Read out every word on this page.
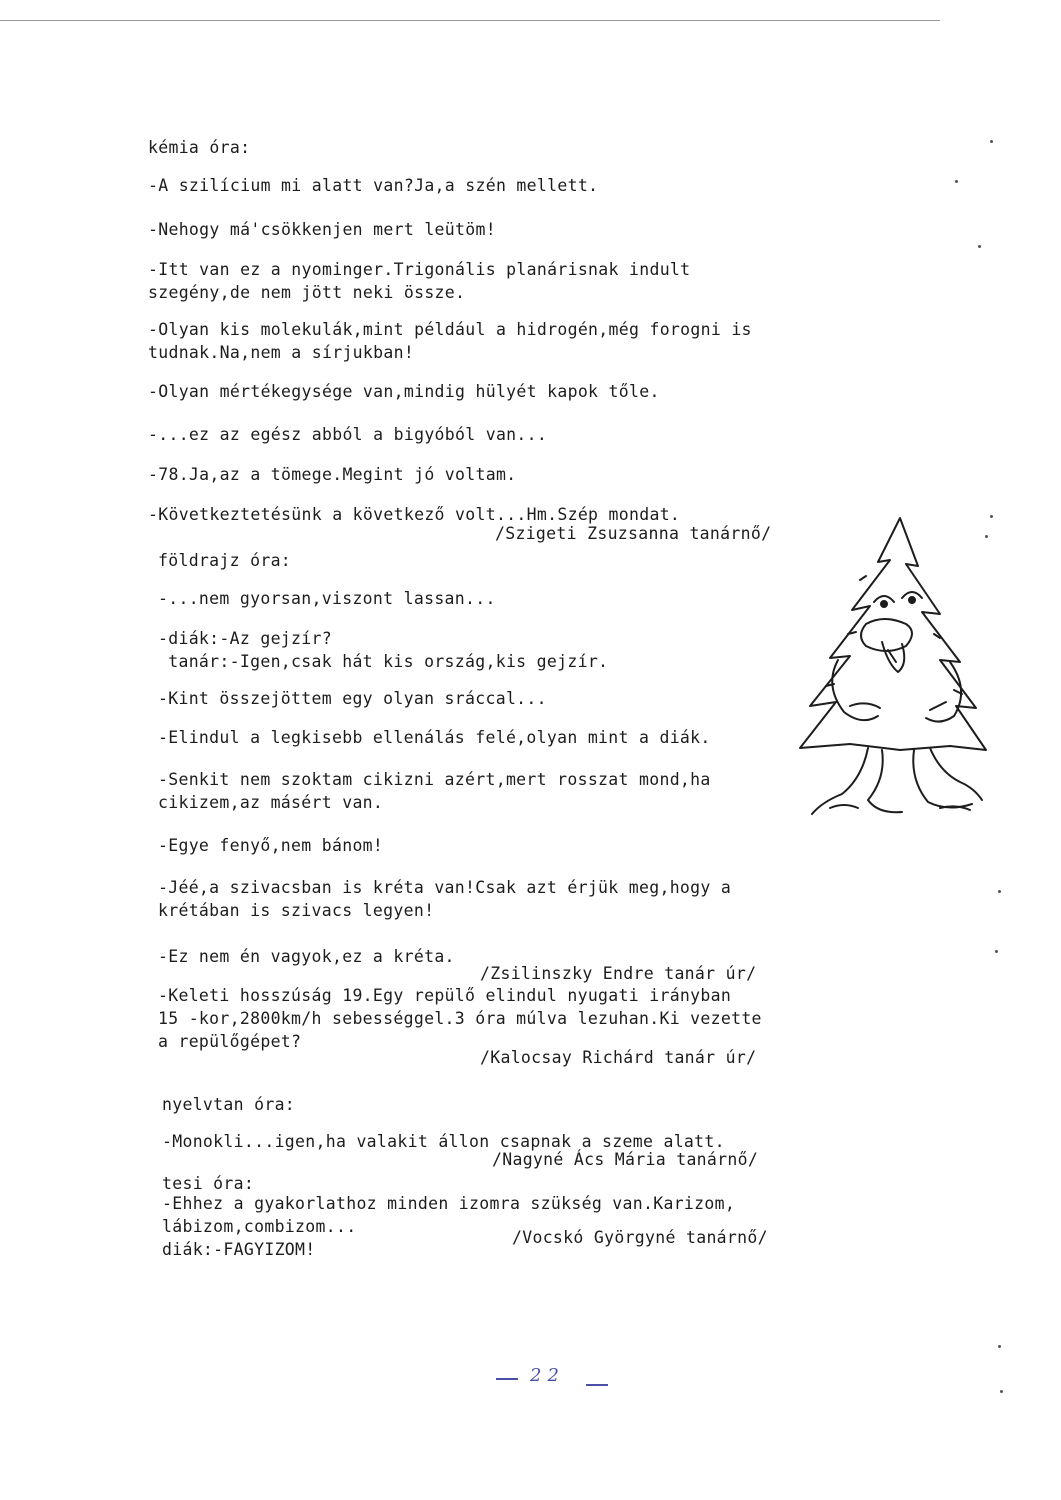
kémia óra:

-A szilícium mi alatt van?Ja,a szén mellett.

-Nehogy má'csökkenjen mert leütöm!

-Itt van ez a nyominger.Trigonális planárisnak indult
szegény,de nem jött neki össze.

-Olyan kis molekulák,mint például a hidrogén,még forogni is
tudnak.Na,nem a sírjukban!

-Olyan mértékegysége van,mindig hülyét kapok tőle.

-...ez az egész abból a bigyóból van...

-78.Ja,az a tömege.Megint jó voltam.

-Következtetésünk a következő volt...Hm.Szép mondat.

/Szigeti Zsuzsanna tanárnő/

földrajz óra:

-...nem gyorsan,viszont lassan...

-diák:-Az gejzír?
tanár:-Igen,csak hát kis ország,kis gejzír.

-Kint összejöttem egy olyan sráccal...

-Elindul a legkisebb ellenálás felé,olyan mint a diák.

-Senkit nem szoktam cikizni azért,mert rosszat mond,ha
cikizem,az másért van.

-Egye fenyő,nem bánom!

-Jéé,a szivacsban is kréta van!Csak azt érjük meg,hogy a
krétában is szivacs legyen!

-Ez nem én vagyok,ez a kréta.

/Zsilinszky Endre tanár úr/

-Keleti hosszúság 19.Egy repülő elindul nyugati irányban
15 -kor,2800km/h sebességgel.3 óra múlva lezuhan.Ki vezette
a repülőgépet?

/Kalocsay Richárd tanár úr/

nyelvtan óra:

-Monokli...igen,ha valakit állon csapnak a szeme alatt.

/Nagyné Ács Mária tanárnő/

tesi óra:

-Ehhez a gyakorlathoz minden izomra szükség van.Karizom,
lábizom,combizom...
diák:-FAGYIZOM!

/Vocskó Györgyné tanárnő/

22
